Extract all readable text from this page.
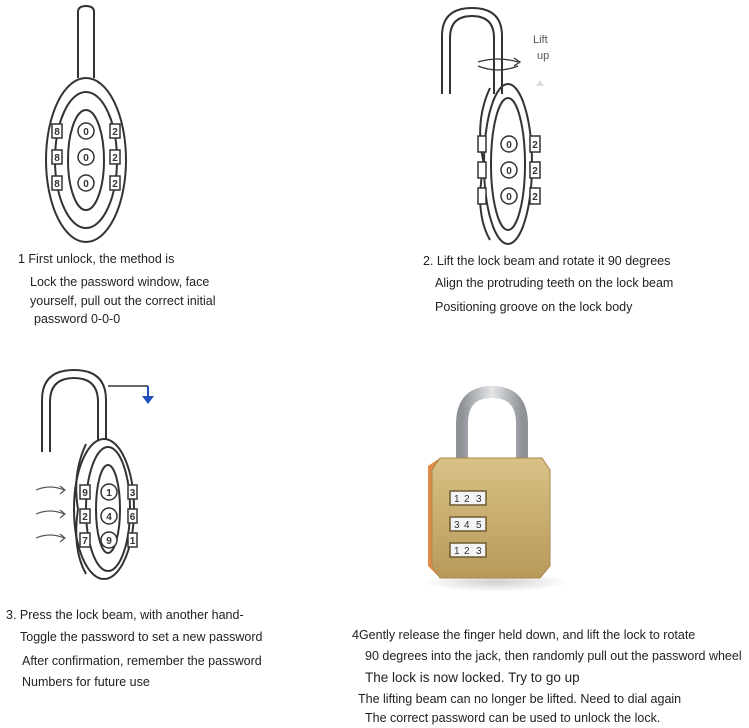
8
8
8
0
0
0
2
2
2
1 First unlock, the method is
Lock the password window, face
yourself, pull out the correct initial
password 0-0-0
0
0
0
2
2
2
Lift
up
2. Lift the lock beam and rotate it 90 degrees
Align the protruding teeth on the lock beam
Positioning groove on the lock body
9
2
7
1
4
9
3
6
1
3. Press the lock beam, with another hand-
Toggle the password to set a new password
After confirmation, remember the password
Numbers for future use
1 2 3
3 4 5
1 2 3
4Gently release the finger held down, and lift the lock to rotate
90 degrees into the jack, then randomly pull out the password wheel
The lock is now locked. Try to go up
The lifting beam can no longer be lifted. Need to dial again
The correct password can be used to unlock the lock.
